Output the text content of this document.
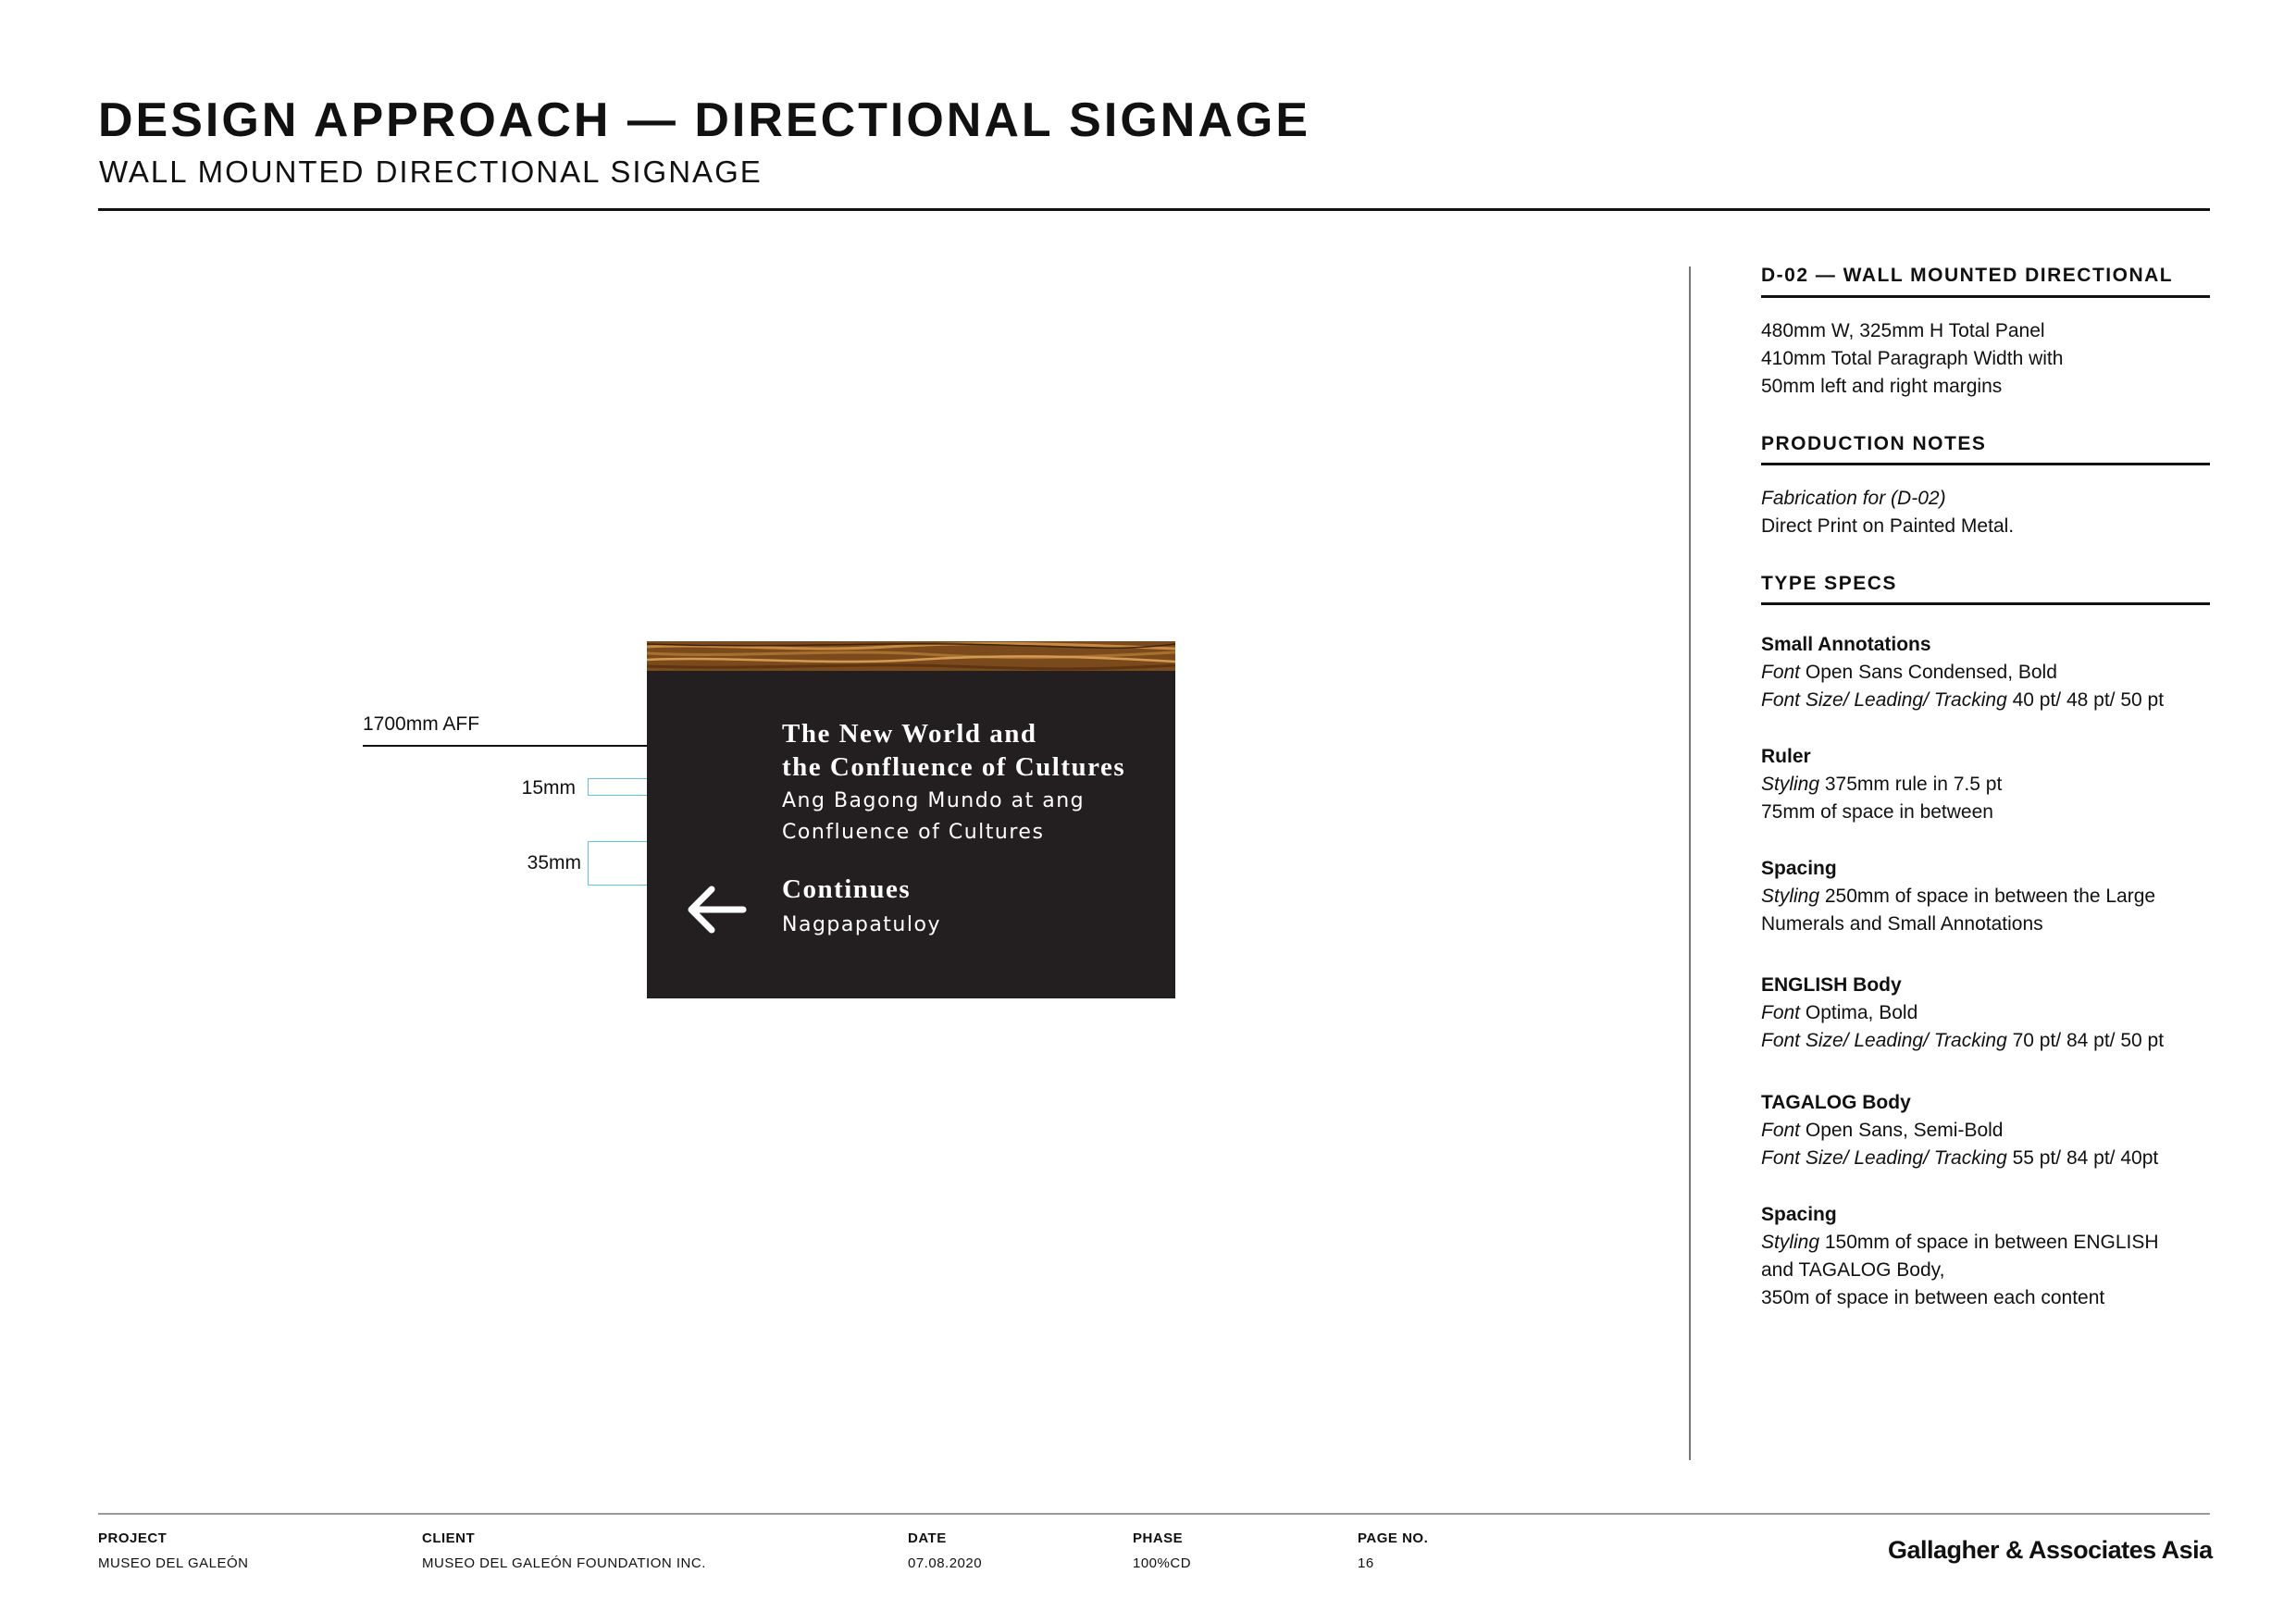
DESIGN APPROACH — DIRECTIONAL SIGNAGE
WALL MOUNTED DIRECTIONAL SIGNAGE
1700mm AFF
15mm
35mm
The New World and
the Confluence of Cultures
Ang Bagong Mundo at ang
Confluence of Cultures
Continues
Nagpapatuloy
D-02 — WALL MOUNTED DIRECTIONAL
480mm W, 325mm H Total Panel
410mm Total Paragraph Width with
50mm left and right margins
PRODUCTION NOTES
Fabrication for (D-02)
Direct Print on Painted Metal.
TYPE SPECS
Small Annotations
Font Open Sans Condensed, Bold
Font Size/ Leading/ Tracking 40 pt/ 48 pt/ 50 pt
Ruler
Styling 375mm rule in 7.5 pt
75mm of space in between
Spacing
Styling 250mm of space in between the Large
Numerals and Small Annotations
ENGLISH Body
Font Optima, Bold
Font Size/ Leading/ Tracking 70 pt/ 84 pt/ 50 pt
TAGALOG Body
Font Open Sans, Semi-Bold
Font Size/ Leading/ Tracking 55 pt/ 84 pt/ 40pt
Spacing
Styling 150mm of space in between ENGLISH
and TAGALOG Body,
350m of space in between each content
PROJECT
MUSEO DEL GALEÓN
CLIENT
MUSEO DEL GALEÓN FOUNDATION INC.
DATE
07.08.2020
PHASE
100%CD
PAGE NO.
16	Gallagher & Associates Asia
